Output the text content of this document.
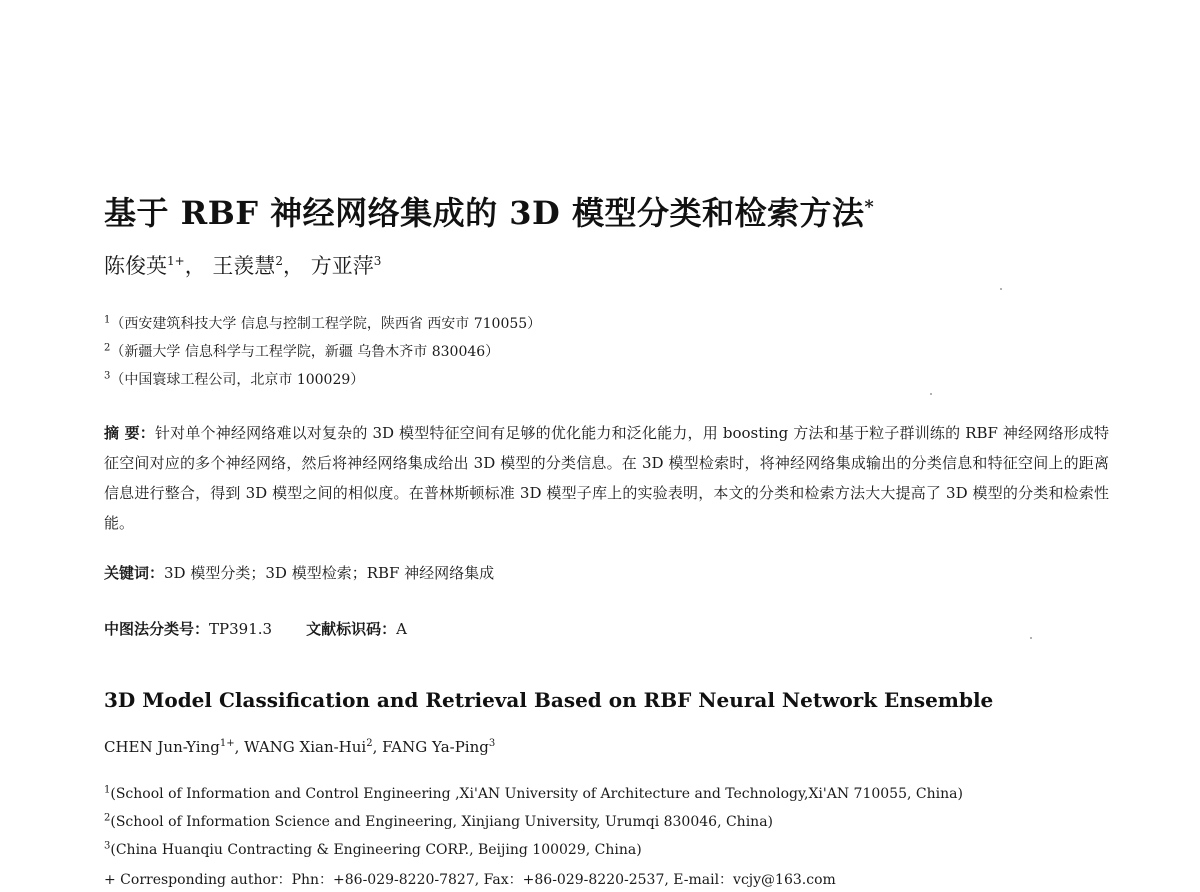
基于 RBF 神经网络集成的 3D 模型分类和检索方法*
陈俊英$^{1+}$， 王羡慧$^2$， 方亚萍$^3$
$^1$（西安建筑科技大学 信息与控制工程学院，陕西省 西安市 710055）
$^2$（新疆大学 信息科学与工程学院，新疆 乌鲁木齐市 830046）
$^3$（中国寰球工程公司，北京市 100029）
摘 要：针对单个神经网络难以对复杂的 3D 模型特征空间有足够的优化能力和泛化能力，用 boosting 方法和基于粒子群训练的 RBF 神经网络形成特征空间对应的多个神经网络，然后将神经网络集成给出 3D 模型的分类信息。在 3D 模型检索时，将神经网络集成输出的分类信息和特征空间上的距离信息进行整合，得到 3D 模型之间的相似度。在普林斯顿标准 3D 模型子库上的实验表明，本文的分类和检索方法大大提高了 3D 模型的分类和检索性能。
关键词：3D 模型分类；3D 模型检索；RBF 神经网络集成
中图法分类号：TP391.3 文献标识码：A
3D Model Classification and Retrieval Based on RBF Neural Network Ensemble
CHEN Jun-Ying$^{1+}$, WANG Xian-Hui$^2$, FANG Ya-Ping$^3$
$^1$(School of Information and Control Engineering ,Xi'AN University of Architecture and Technology,Xi'AN 710055, China)
$^2$(School of Information Science and Engineering, Xinjiang University, Urumqi 830046, China)
$^3$(China Huanqiu Contracting & Engineering CORP., Beijing 100029, China)
+ Corresponding author：Phn：+86-029-8220-7827, Fax：+86-029-8220-2537, E-mail：vcjy@163.com
